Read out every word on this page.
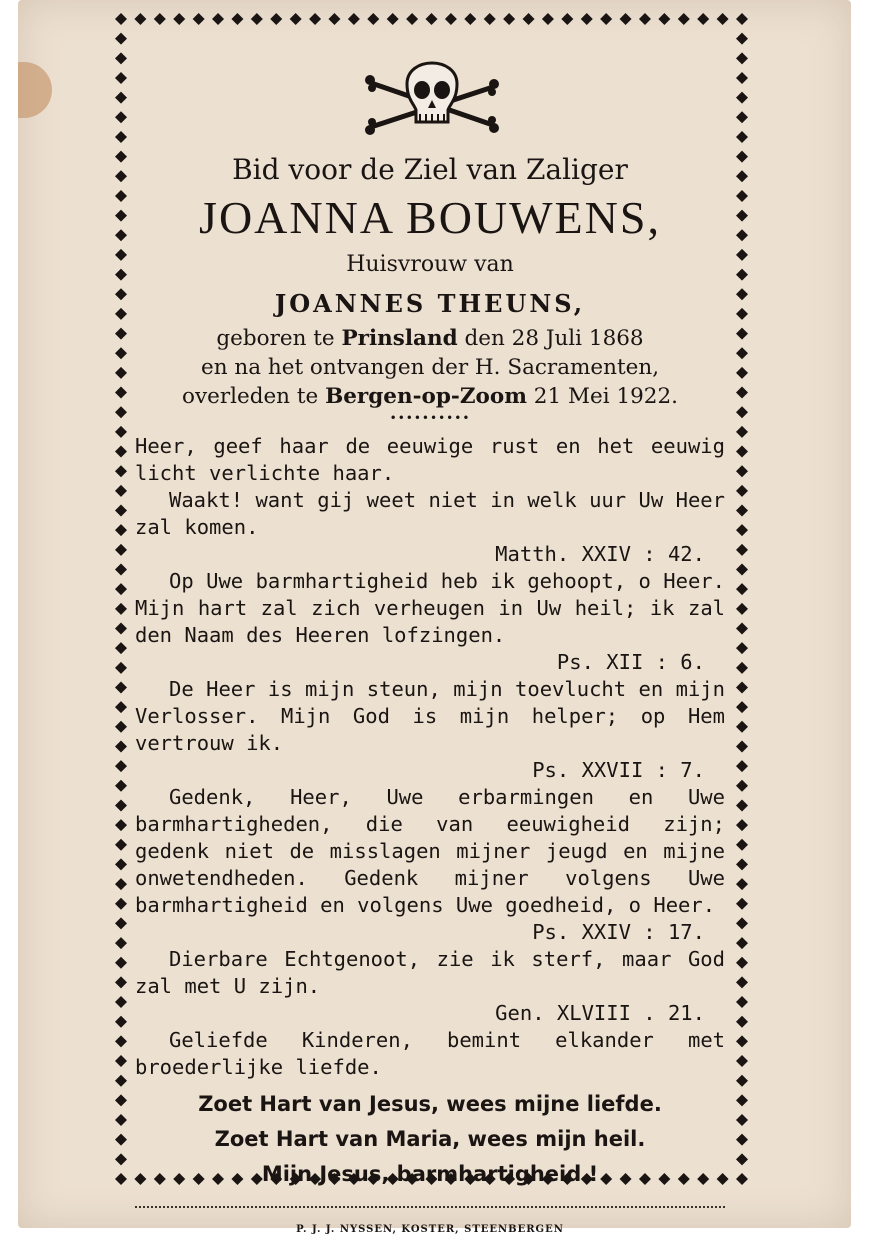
Bid voor de Ziel van Zaliger
JOANNA BOUWENS,
Huisvrouw van
JOANNES THEUNS,
geboren te Prinsland den 28 Juli 1868
en na het ontvangen der H. Sacramenten,
overleden te Bergen-op-Zoom 21 Mei 1922.
••••••••••

Heer, geef haar de eeuwige rust en het eeuwig licht verlichte haar.

Waakt! want gij weet niet in welk uur Uw Heer zal komen.

Matth. XXIV : 42.

Op Uwe barmhartigheid heb ik gehoopt, o Heer. Mijn hart zal zich verheugen in Uw heil; ik zal den Naam des Heeren lofzingen.

Ps. XII : 6.

De Heer is mijn steun, mijn toevlucht en mijn Verlosser. Mijn God is mijn helper; op Hem vertrouw ik.

Ps. XXVII : 7.

Gedenk, Heer, Uwe erbarmingen en Uwe barmhartigheden, die van eeuwigheid zijn; gedenk niet de misslagen mijner jeugd en mijne onwetendheden. Gedenk mijner volgens Uwe barmhartigheid en volgens Uwe goedheid, o Heer.

Ps. XXIV : 17.

Dierbare Echtgenoot, zie ik sterf, maar God zal met U zijn.

Gen. XLVIII . 21.

Geliefde Kinderen, bemint elkander met broederlijke liefde.

Zoet Hart van Jesus, wees mijne liefde.
Zoet Hart van Maria, wees mijn heil.
Mijn Jesus, barmhartigheid !
P. J. J. NYSSEN, KOSTER, STEENBERGEN
